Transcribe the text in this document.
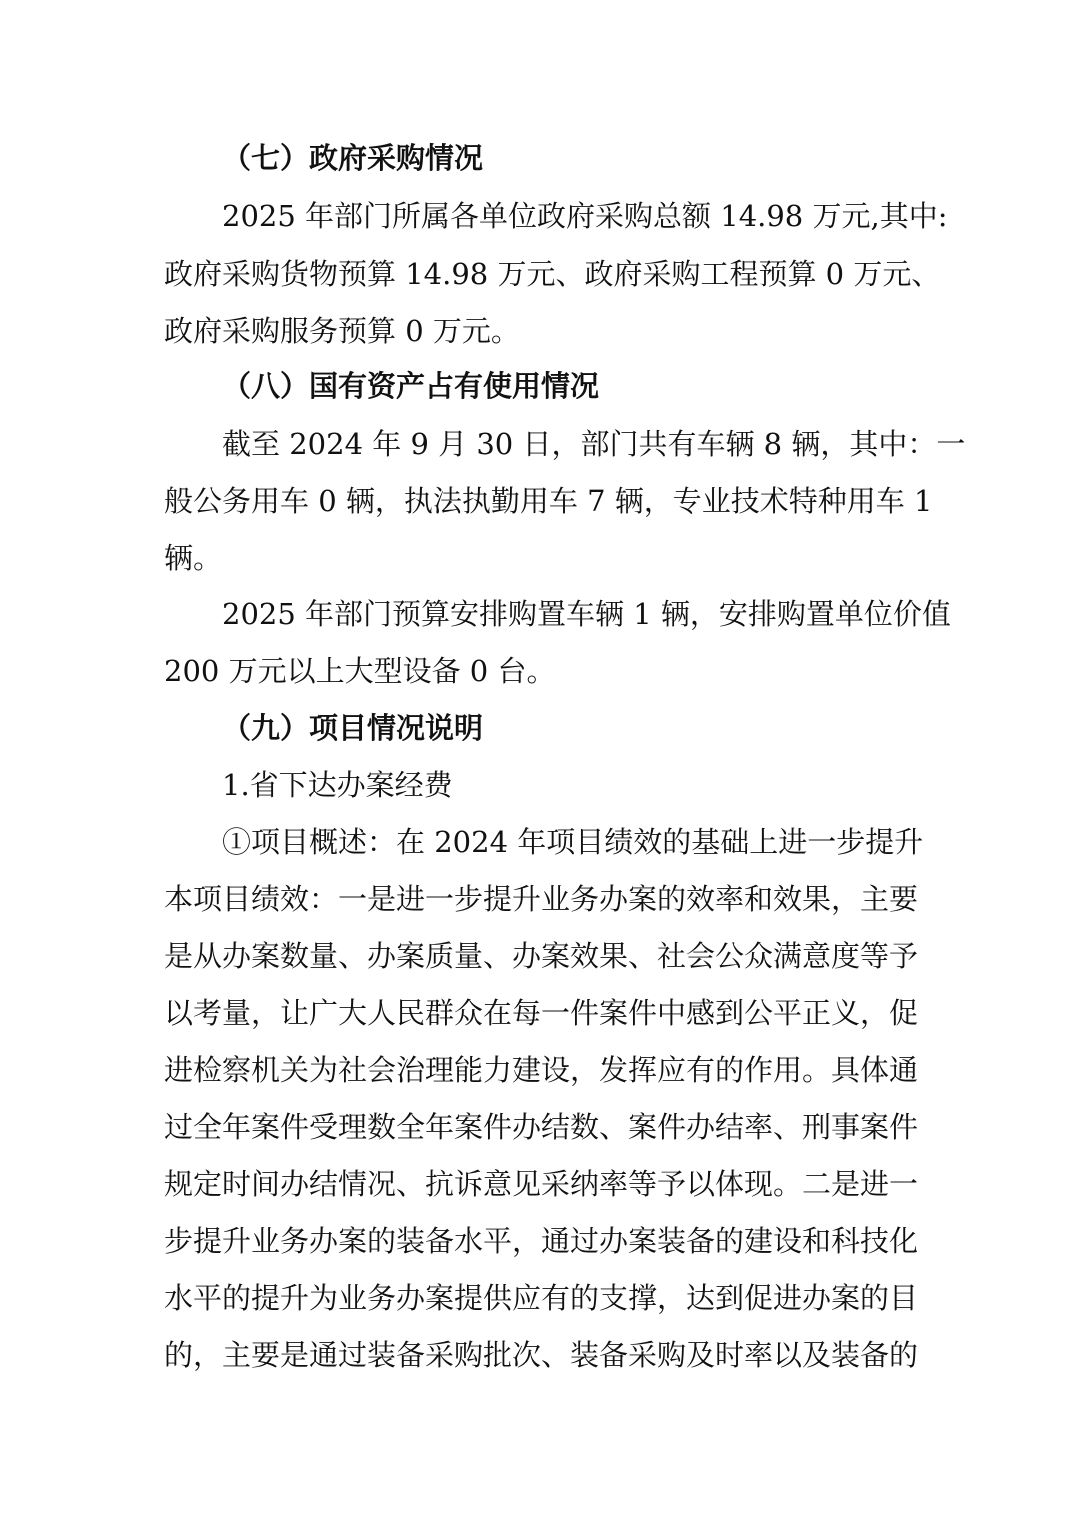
（七）政府采购情况
2025 年部门所属各单位政府采购总额 14.98 万元,其中:
政府采购货物预算 14.98 万元、政府采购工程预算 0 万元、
政府采购服务预算 0 万元。
（八）国有资产占有使用情况
截至 2024 年 9 月 30 日，部门共有车辆 8 辆，其中：一
般公务用车 0 辆，执法执勤用车 7 辆，专业技术特种用车 1
辆。
2025 年部门预算安排购置车辆 1 辆，安排购置单位价值
200 万元以上大型设备 0 台。
（九）项目情况说明
1.省下达办案经费
①项目概述：在 2024 年项目绩效的基础上进一步提升
本项目绩效：一是进一步提升业务办案的效率和效果，主要
是从办案数量、办案质量、办案效果、社会公众满意度等予
以考量，让广大人民群众在每一件案件中感到公平正义，促
进检察机关为社会治理能力建设，发挥应有的作用。具体通
过全年案件受理数全年案件办结数、案件办结率、刑事案件
规定时间办结情况、抗诉意见采纳率等予以体现。二是进一
步提升业务办案的装备水平，通过办案装备的建设和科技化
水平的提升为业务办案提供应有的支撑，达到促进办案的目
的，主要是通过装备采购批次、装备采购及时率以及装备的
